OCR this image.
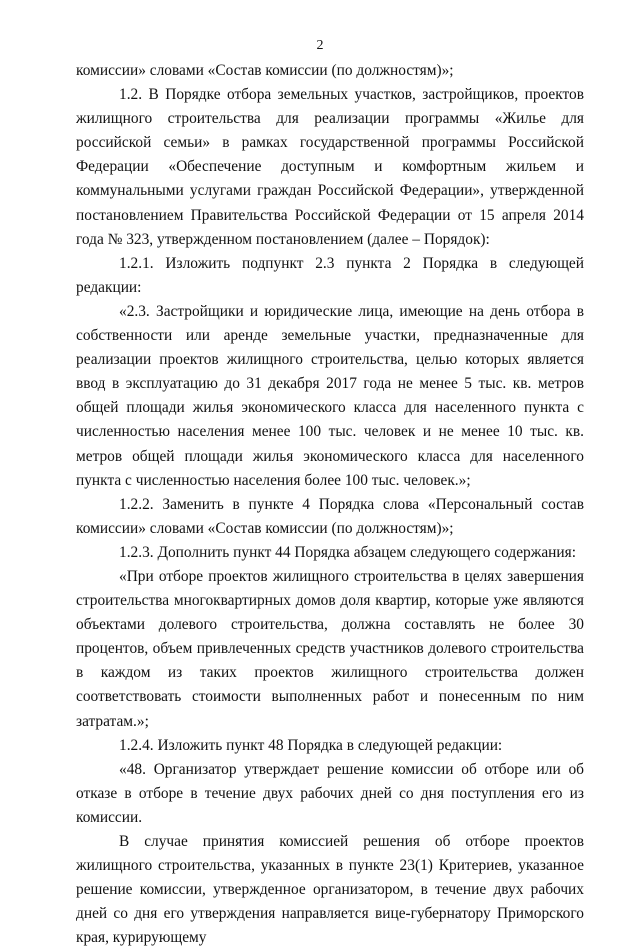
2

комиссии» словами «Состав комиссии (по должностям)»;

1.2. В Порядке отбора земельных участков, застройщиков, проектов жилищного строительства для реализации программы «Жилье для российской семьи» в рамках государственной программы Российской Федерации «Обеспечение доступным и комфортным жильем и коммунальными услугами граждан Российской Федерации», утвержденной постановлением Правительства Российской Федерации от 15 апреля 2014 года № 323, утвержденном постановлением (далее – Порядок):

1.2.1. Изложить подпункт 2.3 пункта 2 Порядка в следующей редакции:

«2.3. Застройщики и юридические лица, имеющие на день отбора в собственности или аренде земельные участки, предназначенные для реализации проектов жилищного строительства, целью которых является ввод в эксплуатацию до 31 декабря 2017 года не менее 5 тыс. кв. метров общей площади жилья экономического класса для населенного пункта с численностью населения менее 100 тыс. человек и не менее 10 тыс. кв. метров общей площади жилья экономического класса для населенного пункта с численностью населения более 100 тыс. человек.»;

1.2.2. Заменить в пункте 4 Порядка слова «Персональный состав комиссии» словами «Состав комиссии (по должностям)»;

1.2.3. Дополнить пункт 44 Порядка абзацем следующего содержания:

«При отборе проектов жилищного строительства в целях завершения строительства многоквартирных домов доля квартир, которые уже являются объектами долевого строительства, должна составлять не более 30 процентов, объем привлеченных средств участников долевого строительства в каждом из таких проектов жилищного строительства должен соответствовать стоимости выполненных работ и понесенным по ним затратам.»;

1.2.4. Изложить пункт 48 Порядка в следующей редакции:

«48. Организатор утверждает решение комиссии об отборе или об отказе в отборе в течение двух рабочих дней со дня поступления его из комиссии.

В случае принятия комиссией решения об отборе проектов жилищного строительства, указанных в пункте 23(1) Критериев, указанное решение комиссии, утвержденное организатором, в течение двух рабочих дней со дня его утверждения направляется вице-губернатору Приморского края, курирующему
